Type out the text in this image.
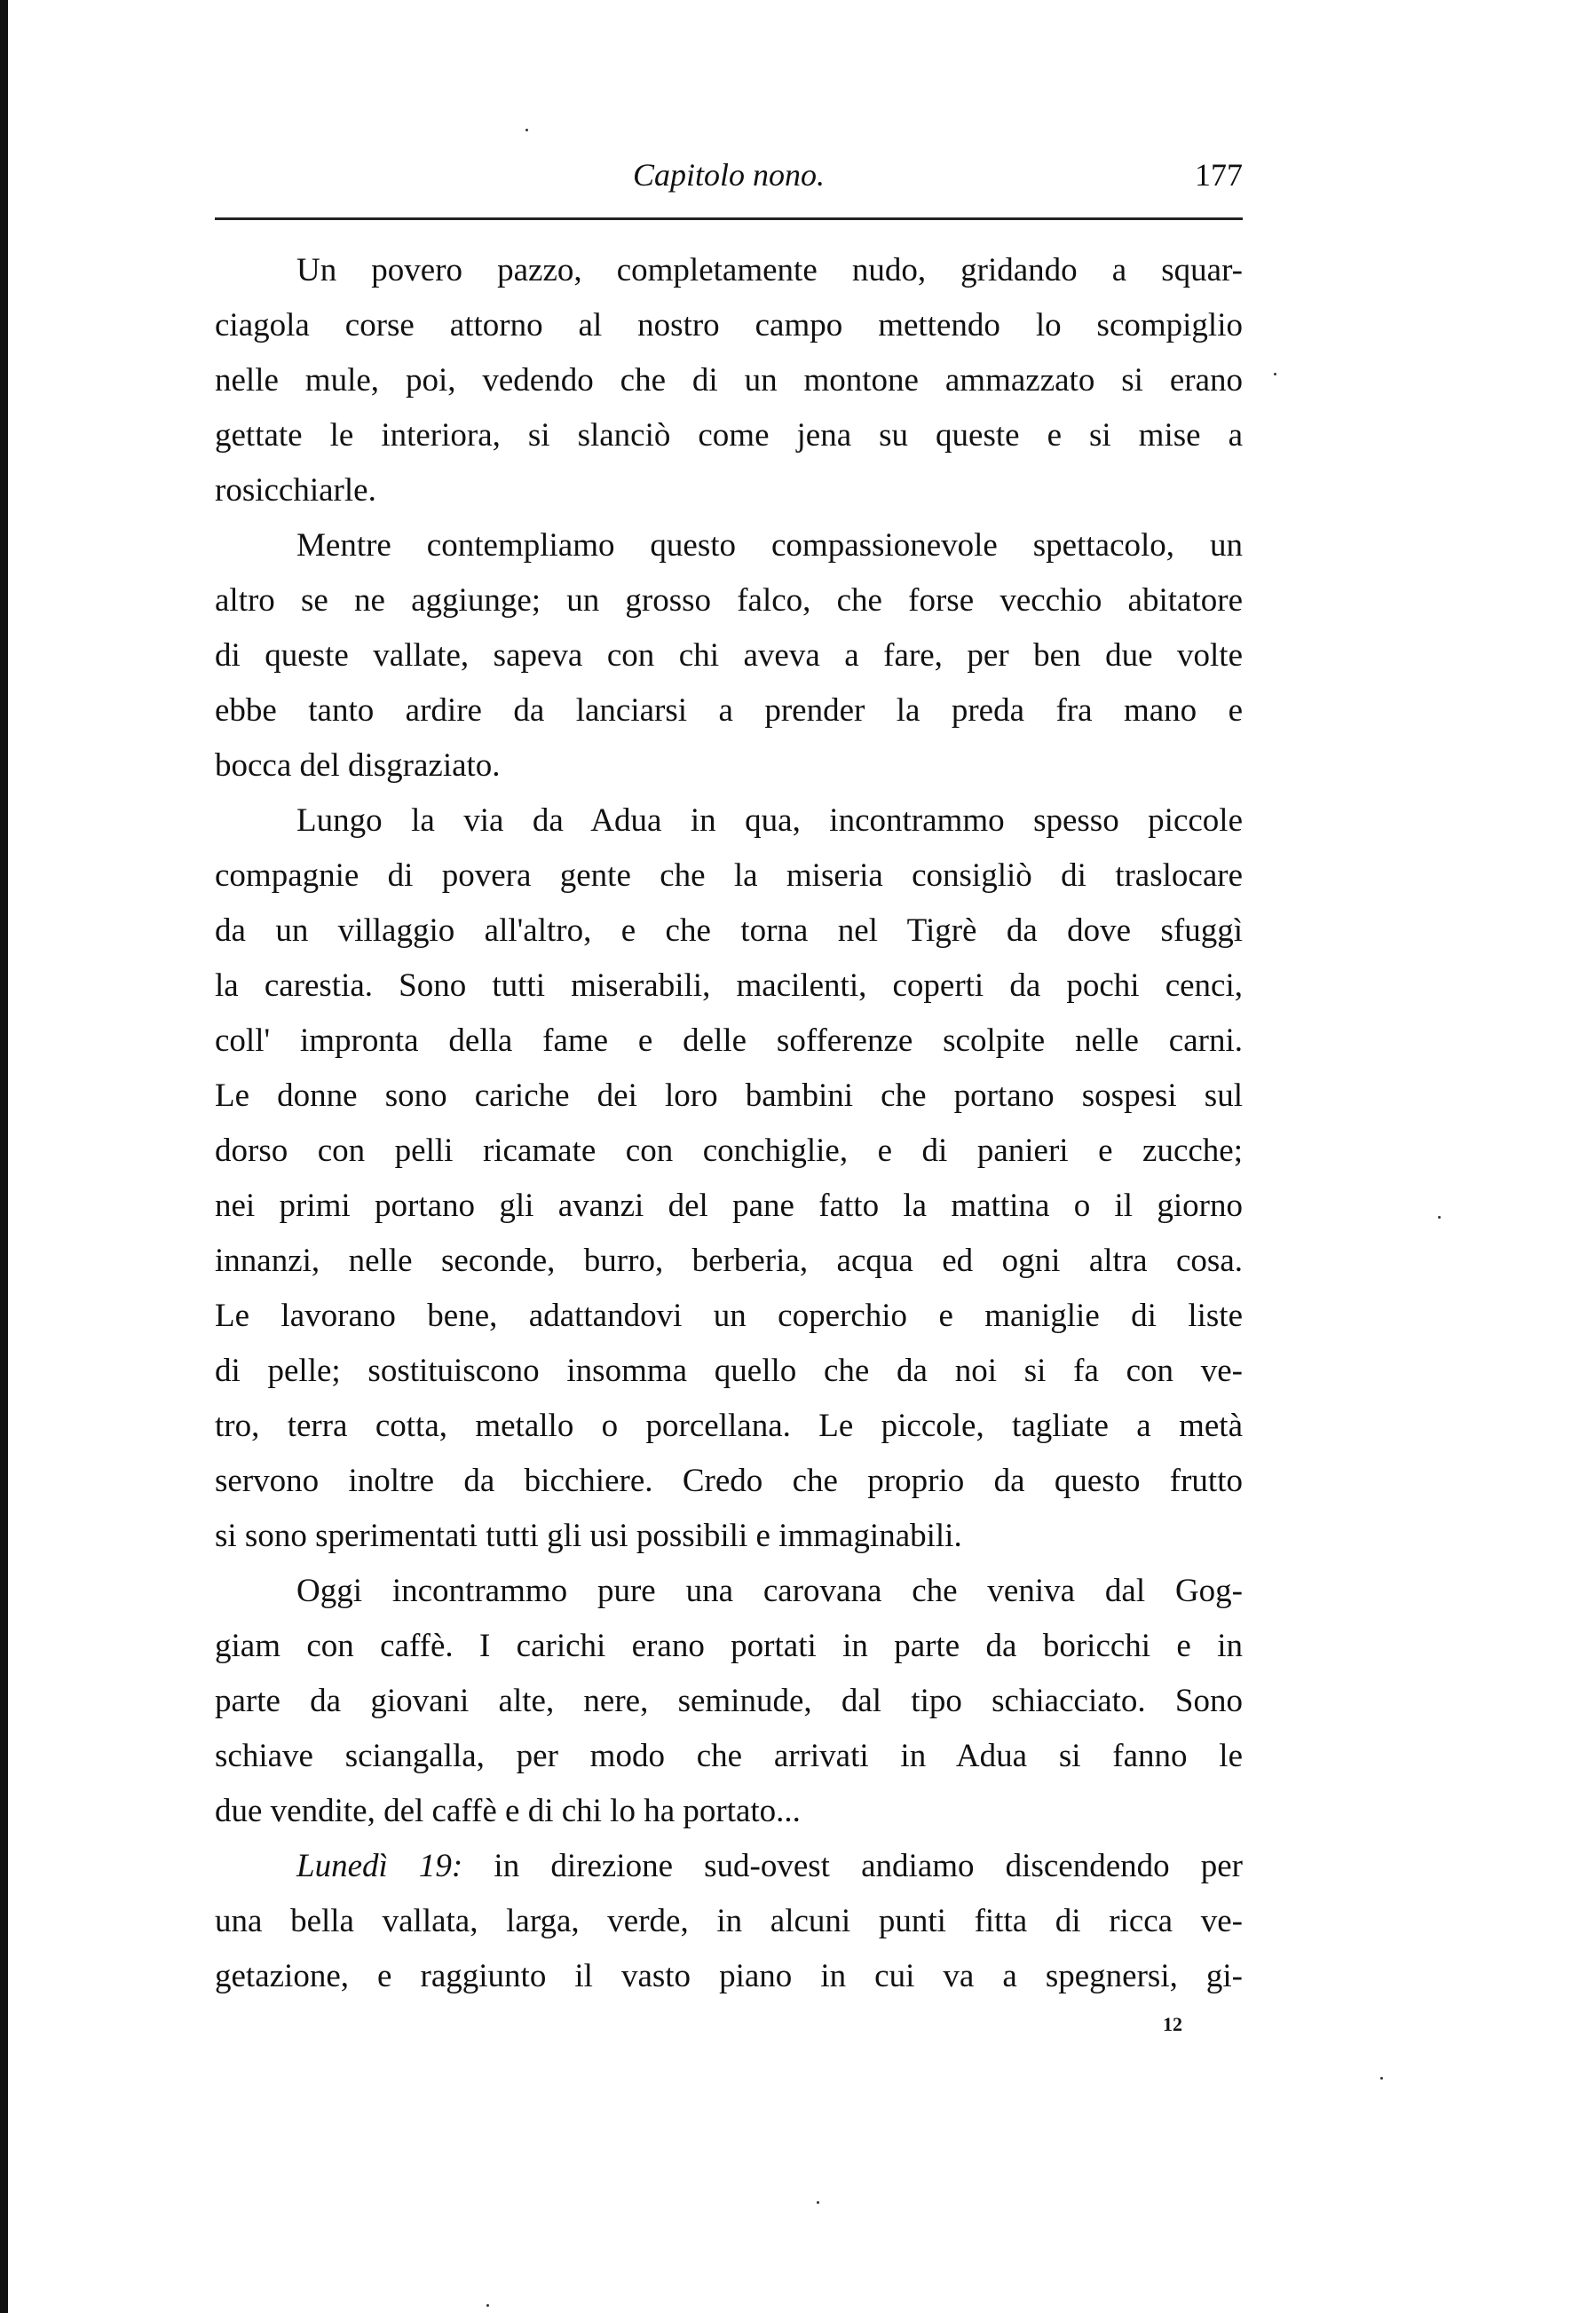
Capitolo nono.	177
Un povero pazzo, completamente nudo, gridando a squar-
ciagola corse attorno al nostro campo mettendo lo scompiglio
nelle mule, poi, vedendo che di un montone ammazzato si erano
gettate le interiora, si slanciò come jena su queste e si mise a
rosicchiarle.
Mentre contempliamo questo compassionevole spettacolo, un
altro se ne aggiunge; un grosso falco, che forse vecchio abitatore
di queste vallate, sapeva con chi aveva a fare, per ben due volte
ebbe tanto ardire da lanciarsi a prender la preda fra mano e
bocca del disgraziato.
Lungo la via da Adua in qua, incontrammo spesso piccole
compagnie di povera gente che la miseria consigliò di traslocare
da un villaggio all'altro, e che torna nel Tigrè da dove sfuggì
la carestia. Sono tutti miserabili, macilenti, coperti da pochi cenci,
coll' impronta della fame e delle sofferenze scolpite nelle carni.
Le donne sono cariche dei loro bambini che portano sospesi sul
dorso con pelli ricamate con conchiglie, e di panieri e zucche;
nei primi portano gli avanzi del pane fatto la mattina o il giorno
innanzi, nelle seconde, burro, berberia, acqua ed ogni altra cosa.
Le lavorano bene, adattandovi un coperchio e maniglie di liste
di pelle; sostituiscono insomma quello che da noi si fa con ve-
tro, terra cotta, metallo o porcellana. Le piccole, tagliate a metà
servono inoltre da bicchiere. Credo che proprio da questo frutto
si sono sperimentati tutti gli usi possibili e immaginabili.
Oggi incontrammo pure una carovana che veniva dal Gog-
giam con caffè. I carichi erano portati in parte da boricchi e in
parte da giovani alte, nere, seminude, dal tipo schiacciato. Sono
schiave sciangalla, per modo che arrivati in Adua si fanno le
due vendite, del caffè e di chi lo ha portato...
Lunedì 19: in direzione sud-ovest andiamo discendendo per
una bella vallata, larga, verde, in alcuni punti fitta di ricca ve-
getazione, e raggiunto il vasto piano in cui va a spegnersi, gi-
12
